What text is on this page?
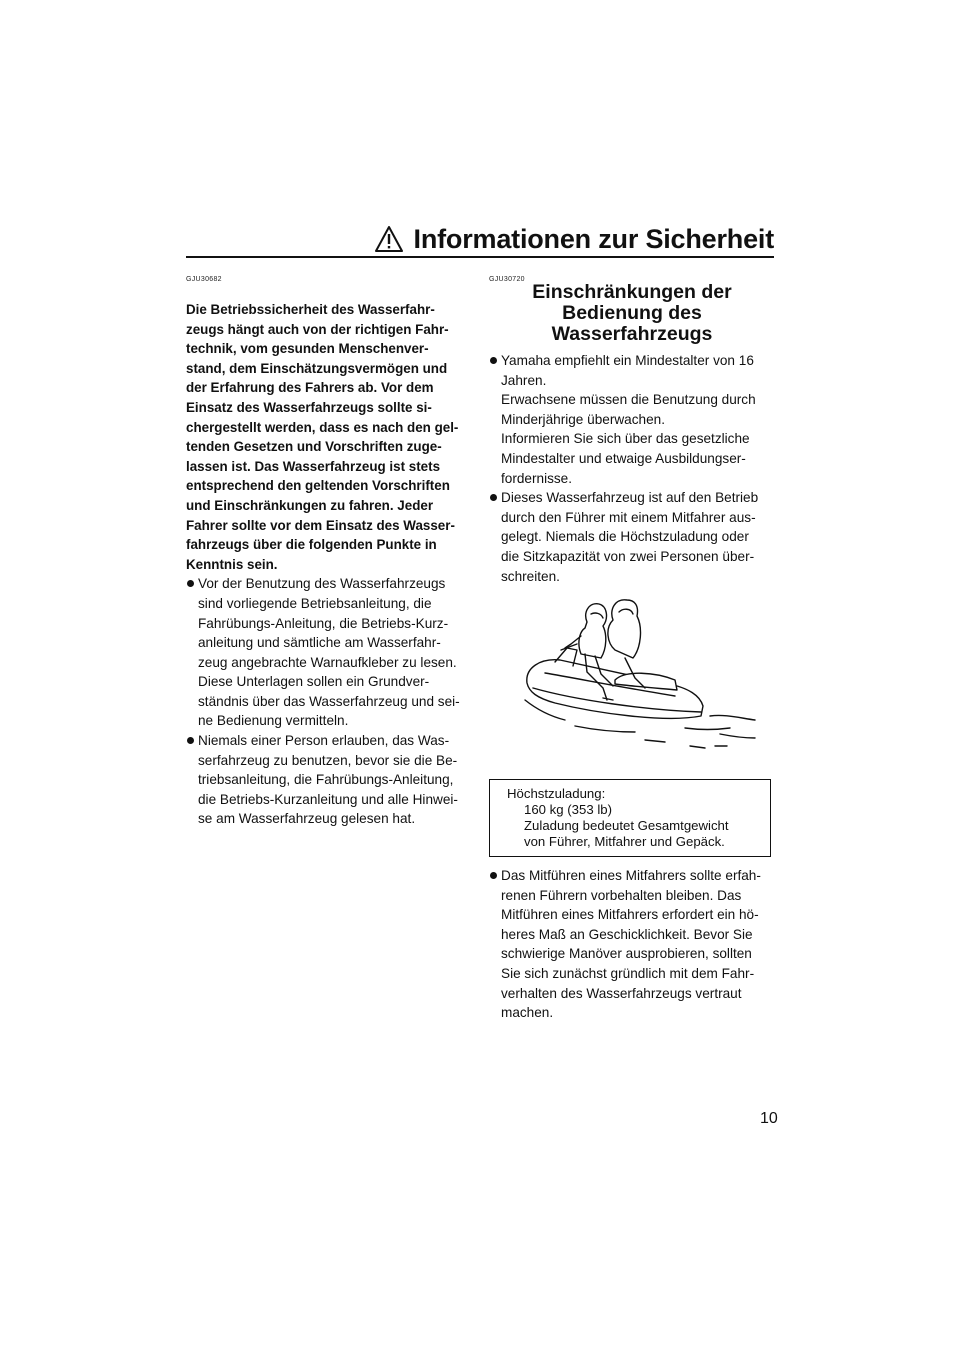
Informationen zur Sicherheit
GJU30682

Die Betriebssicherheit des Wasserfahr-
zeugs hängt auch von der richtigen Fahr-
technik, vom gesunden Menschenver-
stand, dem Einschätzungsvermögen und
der Erfahrung des Fahrers ab. Vor dem
Einsatz des Wasserfahrzeugs sollte si-
chergestellt werden, dass es nach den gel-
tenden Gesetzen und Vorschriften zuge-
lassen ist. Das Wasserfahrzeug ist stets
entsprechend den geltenden Vorschriften
und Einschränkungen zu fahren. Jeder
Fahrer sollte vor dem Einsatz des Wasser-
fahrzeugs über die folgenden Punkte in
Kenntnis sein.

Vor der Benutzung des Wasserfahrzeugs
sind vorliegende Betriebsanleitung, die
Fahrübungs-Anleitung, die Betriebs-Kurz-
anleitung und sämtliche am Wasserfahr-
zeug angebrachte Warnaufkleber zu lesen.
Diese Unterlagen sollen ein Grundver-
ständnis über das Wasserfahrzeug und sei-
ne Bedienung vermitteln.
Niemals einer Person erlauben, das Was-
serfahrzeug zu benutzen, bevor sie die Be-
triebsanleitung, die Fahrübungs-Anleitung,
die Betriebs-Kurzanleitung und alle Hinwei-
se am Wasserfahrzeug gelesen hat.
GJU30720
Einschränkungen der
Bedienung des
Wasserfahrzeugs
Yamaha empfiehlt ein Mindestalter von 16
Jahren.
Erwachsene müssen die Benutzung durch
Minderjährige überwachen.
Informieren Sie sich über das gesetzliche
Mindestalter und etwaige Ausbildungser-
fordernisse.
Dieses Wasserfahrzeug ist auf den Betrieb
durch den Führer mit einem Mitfahrer aus-
gelegt. Niemals die Höchstzuladung oder
die Sitzkapazität von zwei Personen über-
schreiten.
Höchstzuladung:
160 kg (353 lb)
Zuladung bedeutet Gesamtgewicht
von Führer, Mitfahrer und Gepäck.
Das Mitführen eines Mitfahrers sollte erfah-
renen Führern vorbehalten bleiben. Das
Mitführen eines Mitfahrers erfordert ein hö-
heres Maß an Geschicklichkeit. Bevor Sie
schwierige Manöver ausprobieren, sollten
Sie sich zunächst gründlich mit dem Fahr-
verhalten des Wasserfahrzeugs vertraut
machen.
10
